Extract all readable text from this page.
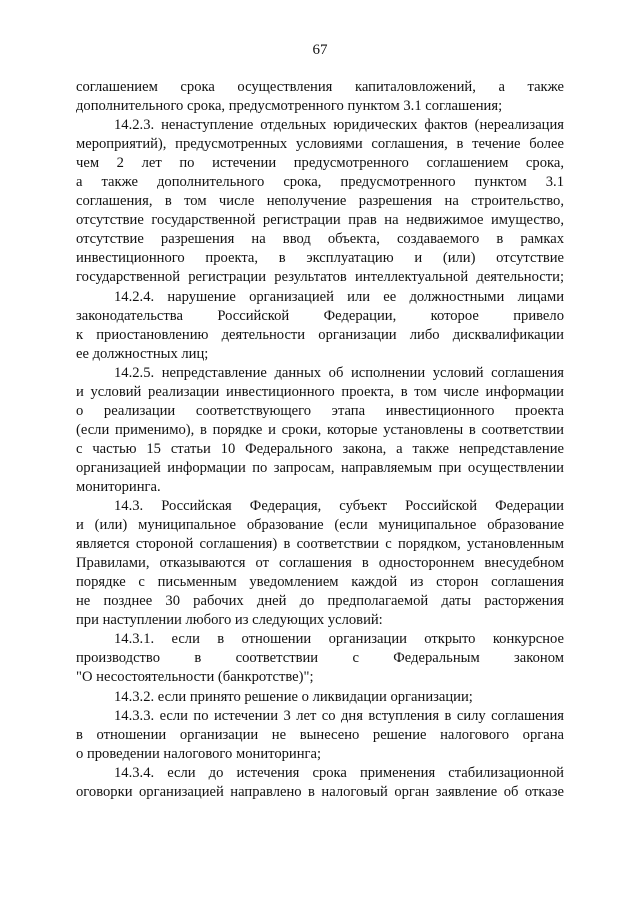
67
соглашением срока осуществления капиталовложений, а также
дополнительного срока, предусмотренного пунктом 3.1 соглашения;
14.2.3. ненаступление отдельных юридических фактов (нереализация
мероприятий), предусмотренных условиями соглашения, в течение более
чем 2 лет по истечении предусмотренного соглашением срока,
а также дополнительного срока, предусмотренного пунктом 3.1
соглашения, в том числе неполучение разрешения на строительство,
отсутствие государственной регистрации прав на недвижимое имущество,
отсутствие разрешения на ввод объекта, создаваемого в рамках
инвестиционного проекта, в эксплуатацию и (или) отсутствие
государственной регистрации результатов интеллектуальной деятельности;
14.2.4. нарушение организацией или ее должностными лицами
законодательства Российской Федерации, которое привело
к приостановлению деятельности организации либо дисквалификации
ее должностных лиц;
14.2.5. непредставление данных об исполнении условий соглашения
и условий реализации инвестиционного проекта, в том числе информации
о реализации соответствующего этапа инвестиционного проекта
(если применимо), в порядке и сроки, которые установлены в соответствии
с частью 15 статьи 10 Федерального закона, а также непредставление
организацией информации по запросам, направляемым при осуществлении
мониторинга.
14.3. Российская Федерация, субъект Российской Федерации
и (или) муниципальное образование (если муниципальное образование
является стороной соглашения) в соответствии с порядком, установленным
Правилами, отказываются от соглашения в одностороннем внесудебном
порядке с письменным уведомлением каждой из сторон соглашения
не позднее 30 рабочих дней до предполагаемой даты расторжения
при наступлении любого из следующих условий:
14.3.1. если в отношении организации открыто конкурсное
производство в соответствии с Федеральным законом
"О несостоятельности (банкротстве)";
14.3.2. если принято решение о ликвидации организации;
14.3.3. если по истечении 3 лет со дня вступления в силу соглашения
в отношении организации не вынесено решение налогового органа
о проведении налогового мониторинга;
14.3.4. если до истечения срока применения стабилизационной
оговорки организацией направлено в налоговый орган заявление об отказе
